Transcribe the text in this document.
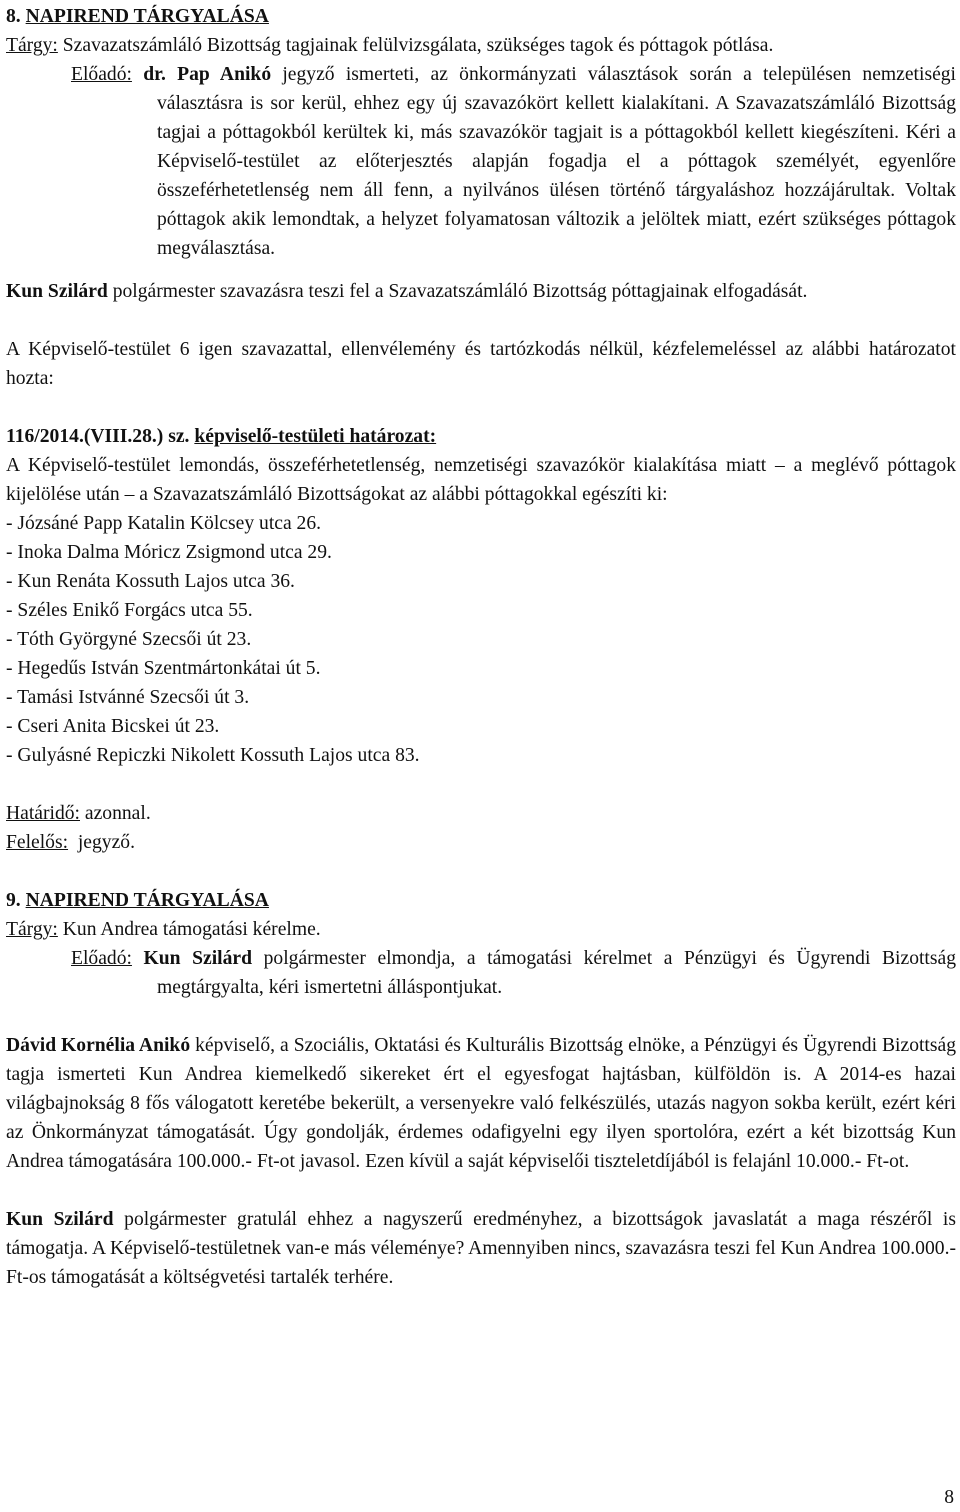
8. NAPIREND TÁRGYALÁSA

Tárgy: Szavazatszámláló Bizottság tagjainak felülvizsgálata, szükséges tagok és póttagok pótlása.

Előadó: dr. Pap Anikó jegyző ismerteti, az önkormányzati választások során a településen nemzetiségi választásra is sor kerül, ehhez egy új szavazókört kellett kialakítani. A Szavazatszámláló Bizottság tagjai a póttagokból kerültek ki, más szavazókör tagjait is a póttagokból kellett kiegészíteni. Kéri a Képviselő-testület az előterjesztés alapján fogadja el a póttagok személyét, egyenlőre összeférhetetlenség nem áll fenn, a nyilvános ülésen történő tárgyaláshoz hozzájárultak. Voltak póttagok akik lemondtak, a helyzet folyamatosan változik a jelöltek miatt, ezért szükséges póttagok megválasztása.

Kun Szilárd polgármester szavazásra teszi fel a Szavazatszámláló Bizottság póttagjainak elfogadását.

A Képviselő-testület 6 igen szavazattal, ellenvélemény és tartózkodás nélkül, kézfelemeléssel az alábbi határozatot hozta:

116/2014.(VIII.28.) sz. képviselő-testületi határozat:

A Képviselő-testület lemondás, összeférhetetlenség, nemzetiségi szavazókör kialakítása miatt – a meglévő póttagok kijelölése után – a Szavazatszámláló Bizottságokat az alábbi póttagokkal egészíti ki:

- Józsáné Papp Katalin Kölcsey utca 26.

- Inoka Dalma Móricz Zsigmond utca 29.

- Kun Renáta Kossuth Lajos utca 36.

- Széles Enikő Forgács utca 55.

- Tóth Györgyné Szecsői út 23.

- Hegedűs István Szentmártonkátai út 5.

- Tamási Istvánné Szecsői út 3.

- Cseri Anita Bicskei út 23.

- Gulyásné Repiczki Nikolett Kossuth Lajos utca 83.

Határidő: azonnal.

Felelős:  jegyző.

9. NAPIREND TÁRGYALÁSA

Tárgy: Kun Andrea támogatási kérelme.

Előadó: Kun Szilárd polgármester elmondja, a támogatási kérelmet a Pénzügyi és Ügyrendi Bizottság megtárgyalta, kéri ismertetni álláspontjukat.

Dávid Kornélia Anikó képviselő, a Szociális, Oktatási és Kulturális Bizottság elnöke, a Pénzügyi és Ügyrendi Bizottság tagja ismerteti Kun Andrea kiemelkedő sikereket ért el egyesfogat hajtásban, külföldön is. A 2014-es hazai világbajnokság 8 fős válogatott keretébe bekerült, a versenyekre való felkészülés, utazás nagyon sokba került, ezért kéri az Önkormányzat támogatását. Úgy gondolják, érdemes odafigyelni egy ilyen sportolóra, ezért a két bizottság Kun Andrea támogatására 100.000.- Ft-ot javasol. Ezen kívül a saját képviselői tiszteletdíjából is felajánl 10.000.- Ft-ot.

Kun Szilárd polgármester gratulál ehhez a nagyszerű eredményhez, a bizottságok javaslatát a maga részéről is támogatja. A Képviselő-testületnek van-e más véleménye? Amennyiben nincs, szavazásra teszi fel Kun Andrea 100.000.- Ft-os támogatását a költségvetési tartalék terhére.

8
